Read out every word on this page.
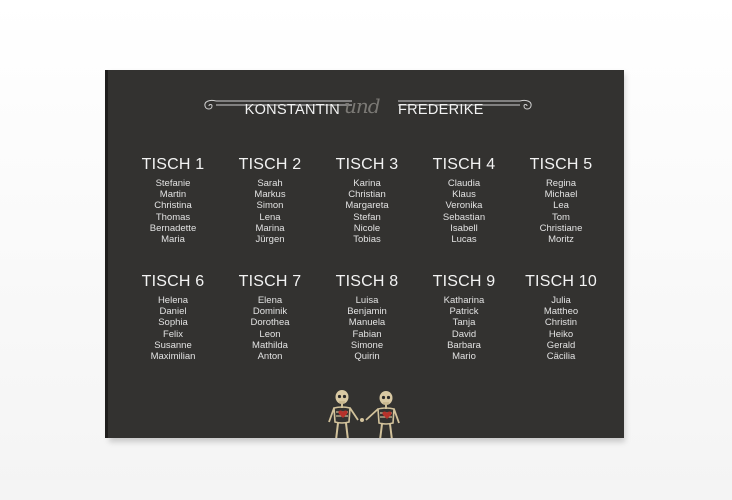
KONSTANTIN und FREDERIKE
TISCH 1
Stefanie
Martin
Christina
Thomas
Bernadette
Maria
TISCH 2
Sarah
Markus
Simon
Lena
Marina
Jürgen
TISCH 3
Karina
Christian
Margareta
Stefan
Nicole
Tobias
TISCH 4
Claudia
Klaus
Veronika
Sebastian
Isabell
Lucas
TISCH 5
Regina
Michael
Lea
Tom
Christiane
Moritz
TISCH 6
Helena
Daniel
Sophia
Felix
Susanne
Maximilian
TISCH 7
Elena
Dominik
Dorothea
Leon
Mathilda
Anton
TISCH 8
Luisa
Benjamin
Manuela
Fabian
Simone
Quirin
TISCH 9
Katharina
Patrick
Tanja
David
Barbara
Mario
TISCH 10
Julia
Mattheo
Christin
Heiko
Gerald
Cäcilia
